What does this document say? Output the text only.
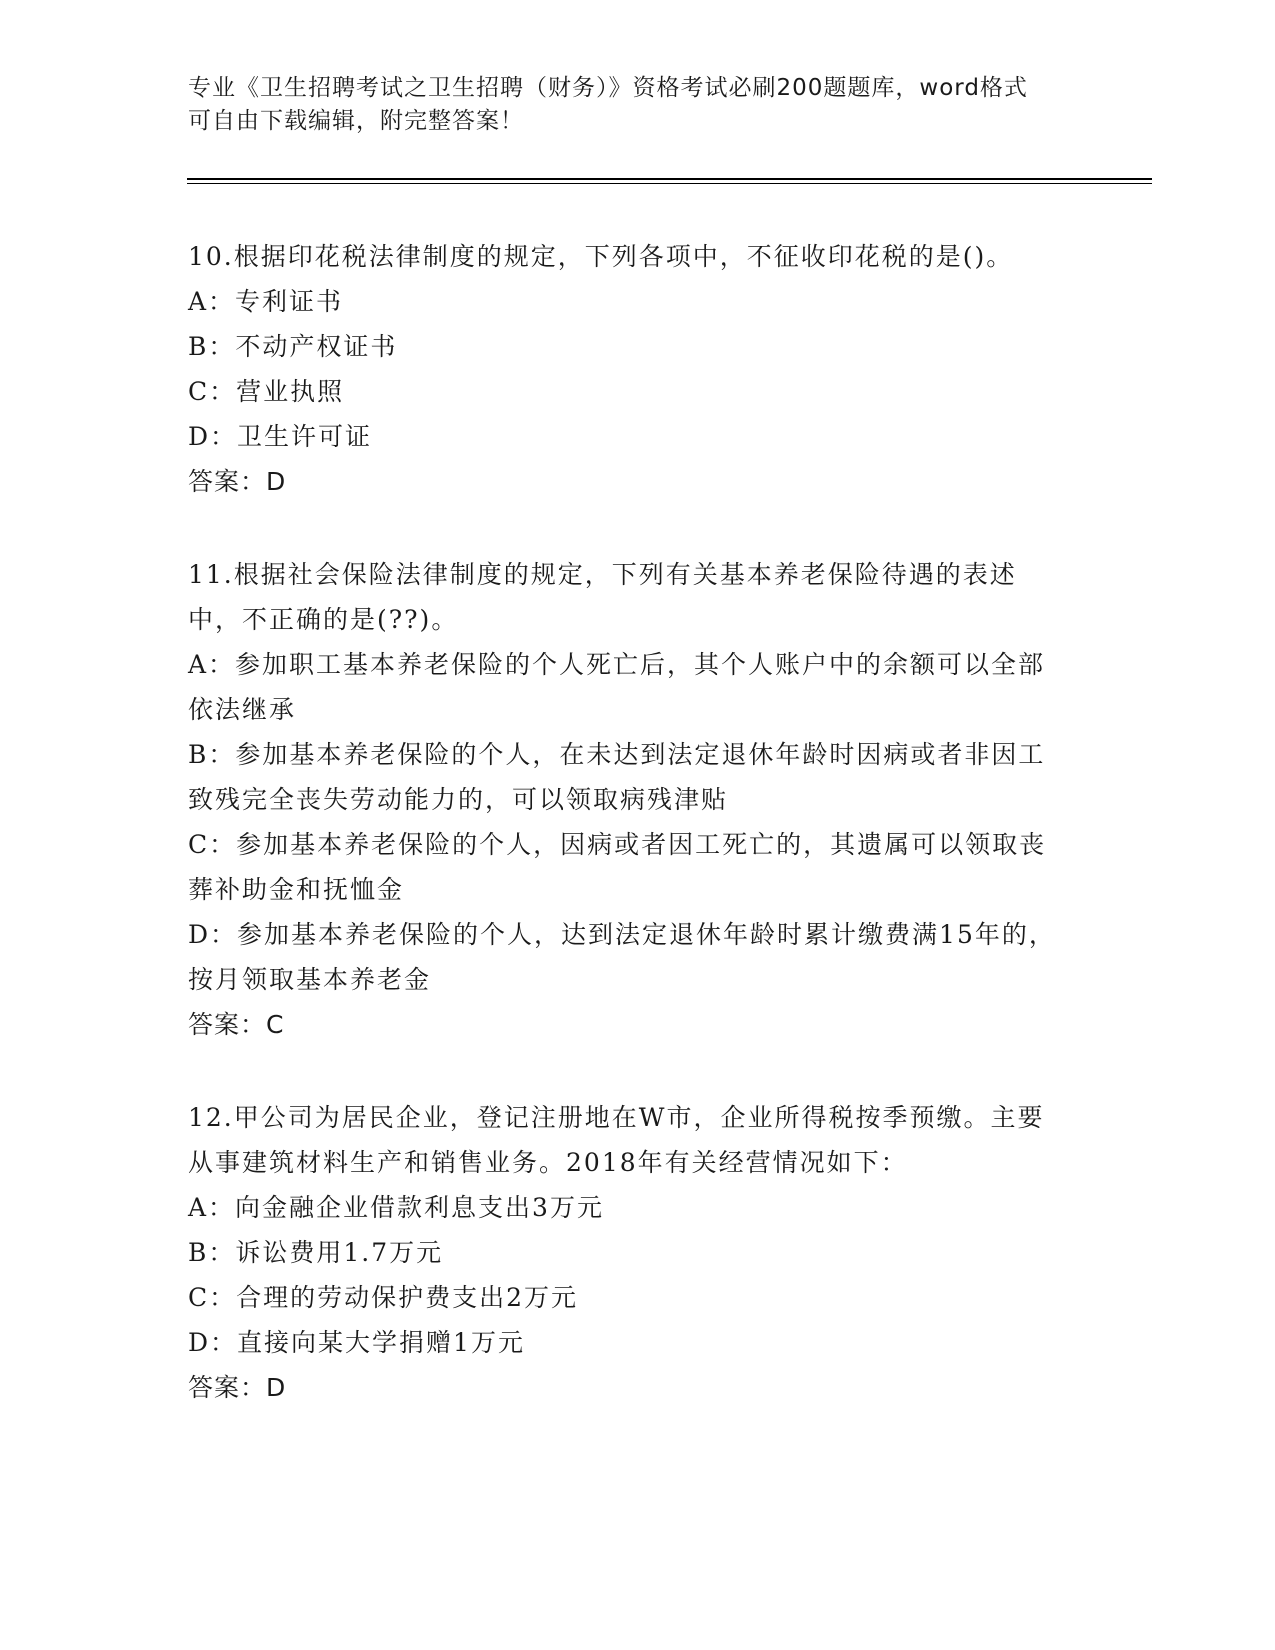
专业《卫生招聘考试之卫生招聘（财务）》资格考试必刷200题题库，word格式

可自由下载编辑，附完整答案！

10.根据印花税法律制度的规定，下列各项中，不征收印花税的是()。

A：专利证书

B：不动产权证书

C：营业执照

D：卫生许可证

答案：D

11.根据社会保险法律制度的规定，下列有关基本养老保险待遇的表述中，不正确的是(??)。

A：参加职工基本养老保险的个人死亡后，其个人账户中的余额可以全部依法继承

B：参加基本养老保险的个人，在未达到法定退休年龄时因病或者非因工致残完全丧失劳动能力的，可以领取病残津贴

C：参加基本养老保险的个人，因病或者因工死亡的，其遗属可以领取丧葬补助金和抚恤金

D：参加基本养老保险的个人，达到法定退休年龄时累计缴费满15年的，按月领取基本养老金

答案：C

12.甲公司为居民企业，登记注册地在W市，企业所得税按季预缴。主要从事建筑材料生产和销售业务。2018年有关经营情况如下：

A：向金融企业借款利息支出3万元

B：诉讼费用1.7万元

C：合理的劳动保护费支出2万元

D：直接向某大学捐赠1万元

答案：D
